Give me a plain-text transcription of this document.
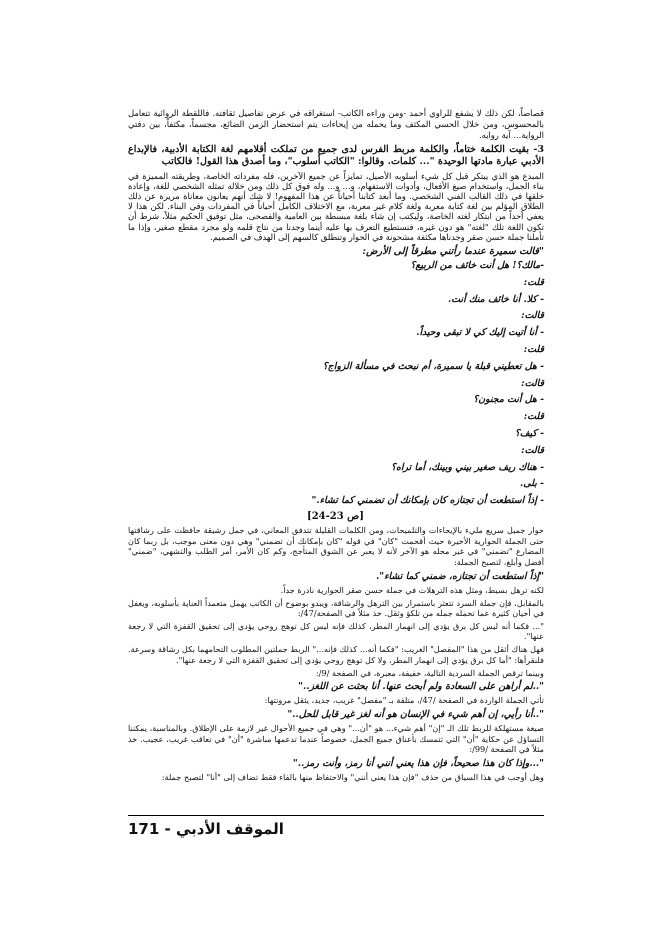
قصاصاً، لكن ذلك لا يشفع للراوي أحمد -ومن وراءه الكاتب- استغراقه في عرض تفاصيل ثقافته. فاللقطة الروائية تتعامل بالمحسوس، ومن خلال الحسي المكثف وما يحمله من إيحاءات يتم استحضار الزمن الضائع، مجسماً، مكثفاً، بين دفتي الرواية... آية روايه.

3- بقيت الكلمة ختاماً، والكلمة مربط الفرس لدى جميع من تملكت أقلامهم لغة الكتابة الأدبية، فالإبداع الأدبي عبارة مادتها الوحيدة "... كلمات. وقالوا: "الكاتب أسلوب"، وما أصدق هذا القول! فالكاتب

المبدع هو الذي يبتكر قبل كل شيء أسلوبه الأصيل، تمايزاً عن جميع الآخرين، فله مفرداته الخاصة، وطريقته المميزة في بناء الجمل، واستخدام صيغ الأفعال، وأدوات الاستفهام، و... و... وله فوق كل ذلك ومن خلاله تمثله الشخصي للغة، وإعادة خلقها في ذلك القالب الفني الشخصي. وما أبعد كتابنا أحياناً عن هذا المفهوم! لا شك أنهم يعانون معاناة مريرة عن ذلك الطلاق المؤلم بين لغة كتابة معربة ولغة كلام غير معربة، مع الاختلاف الكامل أحياناً في المفردات وفي البناء. لكن هذا لا يعفي أحداً من ابتكار لغته الخاصة، وليكتب إن شاء بلغة مبسطة بين العامية والفصحى، مثل توفيق الحكيم مثلاً، شرط أن تكون اللغة تلك "لغته" هو دون غيره، فنستطيع التعرف بها عليه أينما وجدنا من نتاج قلمه ولو مجرد مقطع صغير، وإذا ما تأملنا جملة حسن صقر وجدناها مكثفة مشحونة في الحوار وتنطلق كالسهم إلى الهدف في الصميم.

"قالت سميرة عندما رأتني مطرقاً إلى الأرض:

-مالك؟! هل أنت خائف من الربيع؟

قلت:

- كلا. أنا خائف منك أنت.

قالت:

- أنا أتيت إليك كي لا تبقى وحيداً.

قلت:

- هل تعطيني قبلة يا سميرة، أم نبحث في مسألة الزواج؟

قالت:

- هل أنت مجنون؟

قلت:

- كيف؟

قالت:

- هناك ريف صغير بيني وبينك، أما تراه؟

- بلى.

- إذاً استطعت أن تجتازه كان بإمكانك أن تضمني كما تشاء."

[ص 23-24]

حوار جميل سريع مليء بالإيحاءات والتلميحات، ومن الكلمات القليلة تتدفق المعاني، في جمل رشيقة حافظت على رشاقتها حتى الجملة الحوارية الأخيرة حيث أقحمت "كان" في قوله "كان بإمكانك أن تضمني" وهي دون معنى موجب، بل ربما كان المضارع "تضمني" في غير محله هو الآخر لأنه لا يعبر عن الشوق المتأجج، وكم كان الأمر، أمر الطلب والتشهي، "ضمني" أفضل وأبلغ، لتصبح الجملة:

"إذاً استطعت أن تجتازه، ضمني كما تشاء".

لكنه ترهل بسيط، ومثل هذه الترهلات في جملة حسن صقر الحوارية نادرة جداً.

بالمقابل، فإن جملة السرد تتعثر باستمرار بين الترهل والرشاقة، ويبدو بوضوح أن الكاتب يهمل متعمداً العناية بأسلوبه، ويغفل في أحيان كثيرة عما تحمله جمله من تلكؤ وثقل. خذ مثلاً في الصفحة/47/:

"... فكما أنه ليس كل برق يؤدي إلى انهمار المطر، كذلك فإنه ليس كل توهج روحي يؤدي إلى تحقيق القفزة التي لا رجعة عنها".

فهل هناك أثقل من هذا "المفصل" الغريب: "فكما أنه... كذلك فإنه..." الربط جملتين المطلوب التحامهما بكل رشاقة وسرعة. فلنقرأها: "أما كل برق يؤدي إلى انهمار المطر، ولا كل توهج روحي يؤدي إلى تحقيق القفزة التي لا رجعة عنها".

وبينما ترقص الجملة السردية التالية، خفيفة، معبرة، في الصفحة /9/:

"..لم أراهن على السعادة ولم أبحث عنها. أنا بحثت عن اللغز.."

تأتي الجملة الواردة في الصفحة /47/، متلقة بـ "مفصل" غريب، جديد، يثقل مرونتها:

"..أنا رأيي، إن أهم شيء في الإنسان هو أنه لغز غير قابل للحل.."

صيغة مستهلكة للربط تلك الـ "إن" أهم شيء... هو "أن..." وهي في جميع الأحوال غير لازمة على الإطلاق. وبالمناسبة، يمكننا التساؤل عن حكاية "أن" التي تتمسك بأعناق جميع الجمل، خصوصاً عندما تدعمها مباشرة "أن" في تعاقب غريب، عجيب. خذ مثلاً في الصفحة /99/:

"...وإذا كان هذا صحيحاً، فإن هذا يعني أنني أنا رمز، وأنت رمز.."

وهل أوجب في هذا السياق من حذف "فإن هذا يعني أنني" والاحتفاظ منها بالفاء فقط تضاف إلى "أنا" لتصبح جملة:

الموقف الأدبي - 171
